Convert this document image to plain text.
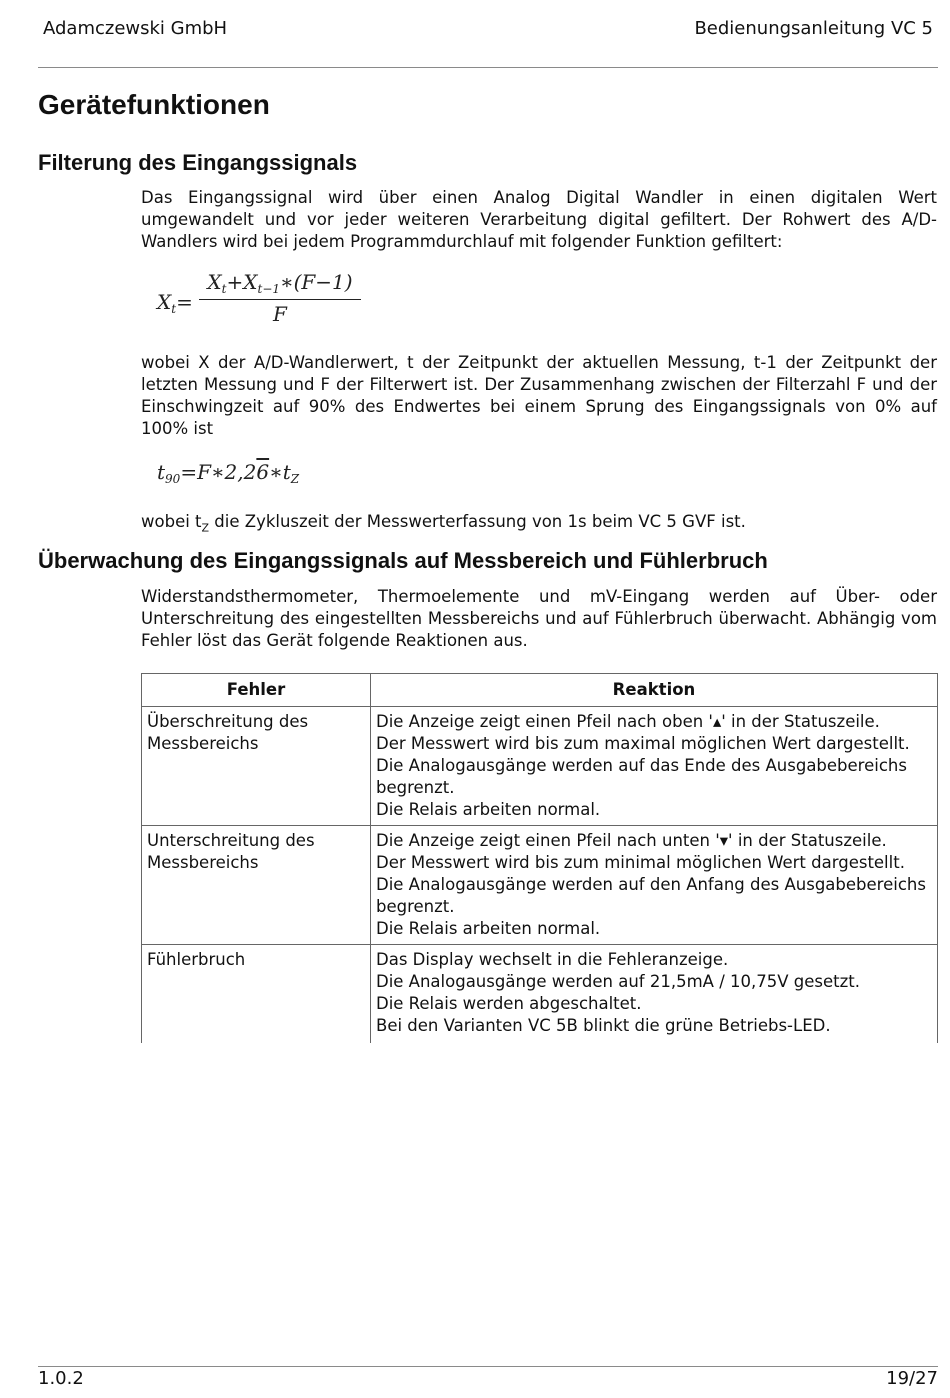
Adamczewski GmbH	Bedienungsanleitung VC 5
Gerätefunktionen
Filterung des Eingangssignals

Das Eingangssignal wird über einen Analog Digital Wandler in einen digitalen Wert umgewandelt und vor jeder weiteren Verarbeitung digital gefiltert. Der Rohwert des A/D-Wandlers wird bei jedem Programmdurchlauf mit folgender Funktion gefiltert:

$X_t=$
$X_t+X_{t-1}∗(F-1)$
F

wobei X der A/D-Wandlerwert, t der Zeitpunkt der aktuellen Messung, t-1 der Zeitpunkt der letzten Messung und F der Filterwert ist. Der Zusammenhang zwischen der Filterzahl F und der Einschwingzeit auf 90% des Endwertes bei einem Sprung des Eingangssignals von 0% auf 100% ist

$t_{90}=F∗2,26∗t_Z$

wobei $t_Z$ die Zykluszeit der Messwerterfassung von 1s beim VC 5 GVF ist.

Überwachung des Eingangssignals auf Messbereich und Fühlerbruch

Widerstandsthermometer, Thermoelemente und mV-Eingang werden auf Über- oder Unterschreitung des eingestellten Messbereichs und auf Fühlerbruch überwacht. Abhängig vom Fehler löst das Gerät folgende Reaktionen aus.

Fehler	Reaktion
Überschreitung des Messbereichs	Die Anzeige zeigt einen Pfeil nach oben '▴' in der Statuszeile.
Der Messwert wird bis zum maximal möglichen Wert dargestellt.
Die Analogausgänge werden auf das Ende des Ausgabebereichs begrenzt.
Die Relais arbeiten normal.

Unterschreitung des Messbereichs	Die Anzeige zeigt einen Pfeil nach unten '▾' in der Statuszeile.
Der Messwert wird bis zum minimal möglichen Wert dargestellt.
Die Analogausgänge werden auf den Anfang des Ausgabebereichs begrenzt.
Die Relais arbeiten normal.

Fühlerbruch	Das Display wechselt in die Fehleranzeige.
Die Analogausgänge werden auf 21,5mA / 10,75V gesetzt.
Die Relais werden abgeschaltet.
Bei den Varianten VC 5B blinkt die grüne Betriebs-LED.
1.0.2	19/27
